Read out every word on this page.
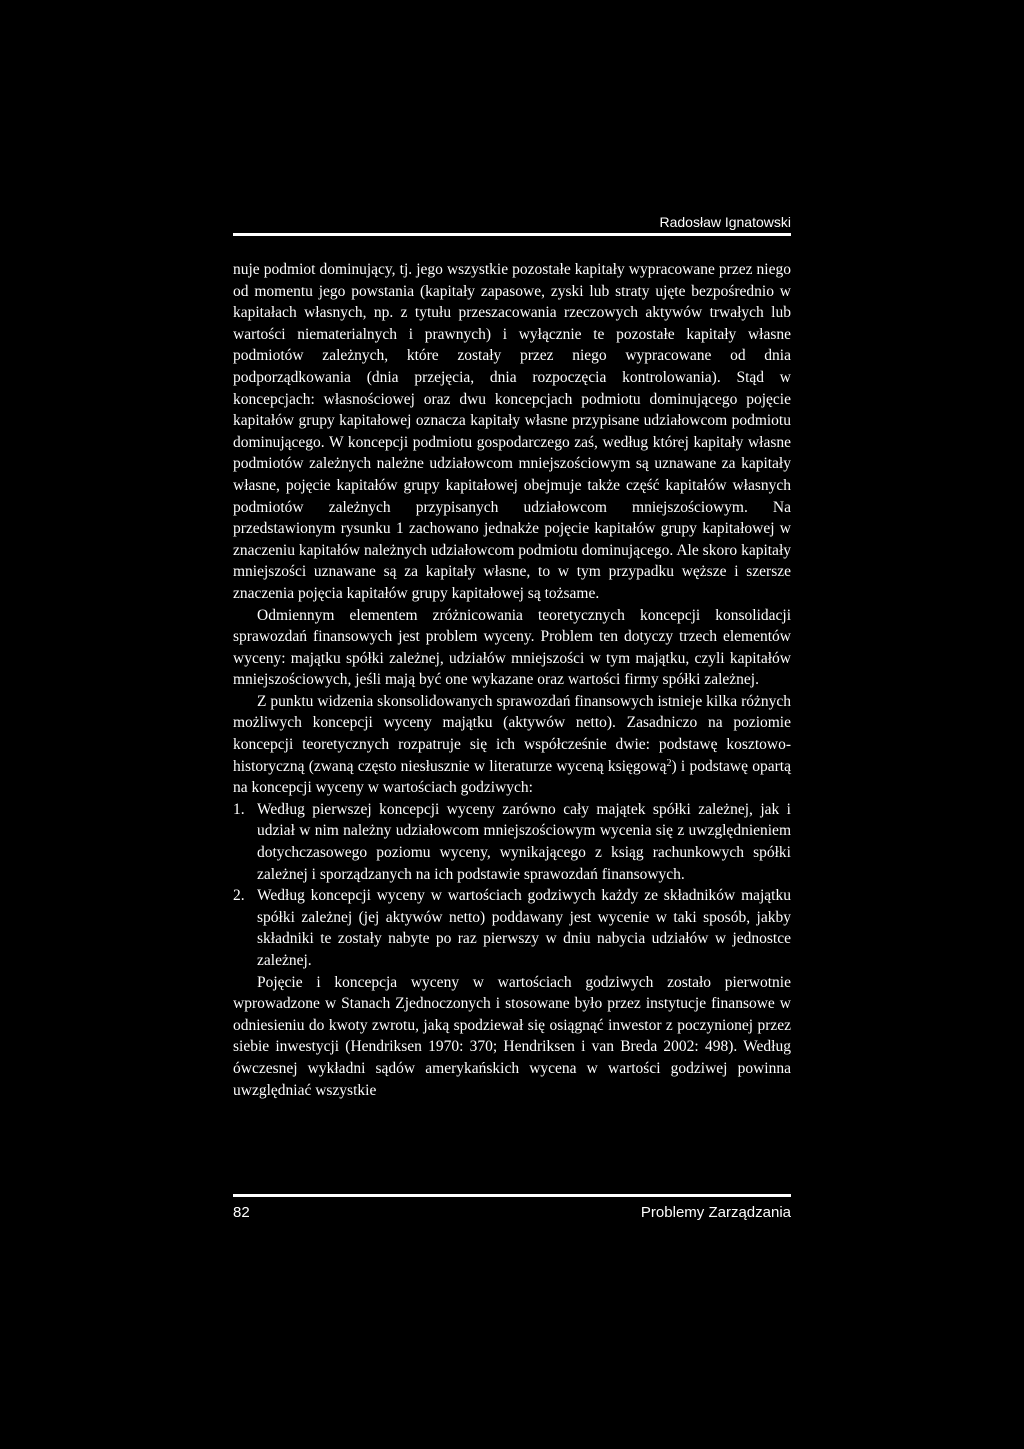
Radosław Ignatowski

nuje podmiot dominujący, tj. jego wszystkie pozostałe kapitały wypracowane przez niego od momentu jego powstania (kapitały zapasowe, zyski lub straty ujęte bezpośrednio w kapitałach własnych, np. z tytułu przeszacowania rzeczowych aktywów trwałych lub wartości niematerialnych i prawnych) i wyłącznie te pozostałe kapitały własne podmiotów zależnych, które zostały przez niego wypracowane od dnia podporządkowania (dnia przejęcia, dnia rozpoczęcia kontrolowania). Stąd w koncepcjach: własnościowej oraz dwu koncepcjach podmiotu dominującego pojęcie kapitałów grupy kapitałowej oznacza kapitały własne przypisane udziałowcom podmiotu dominującego. W koncepcji podmiotu gospodarczego zaś, według której kapitały własne podmiotów zależnych należne udziałowcom mniejszościowym są uznawane za kapitały własne, pojęcie kapitałów grupy kapitałowej obejmuje także część kapitałów własnych podmiotów zależnych przypisanych udziałowcom mniejszościowym. Na przedstawionym rysunku 1 zachowano jednakże pojęcie kapitałów grupy kapitałowej w znaczeniu kapitałów należnych udziałowcom podmiotu dominującego. Ale skoro kapitały mniejszości uznawane są za kapitały własne, to w tym przypadku węższe i szersze znaczenia pojęcia kapitałów grupy kapitałowej są tożsame.

Odmiennym elementem zróżnicowania teoretycznych koncepcji konsolidacji sprawozdań finansowych jest problem wyceny. Problem ten dotyczy trzech elementów wyceny: majątku spółki zależnej, udziałów mniejszości w tym majątku, czyli kapitałów mniejszościowych, jeśli mają być one wykazane oraz wartości firmy spółki zależnej.

Z punktu widzenia skonsolidowanych sprawozdań finansowych istnieje kilka różnych możliwych koncepcji wyceny majątku (aktywów netto). Zasadniczo na poziomie koncepcji teoretycznych rozpatruje się ich współcześnie dwie: podstawę kosztowo-historyczną (zwaną często niesłusznie w literaturze wyceną księgową$^2$) i podstawę opartą na koncepcji wyceny w wartościach godziwych:

1. Według pierwszej koncepcji wyceny zarówno cały majątek spółki zależnej, jak i udział w nim należny udziałowcom mniejszościowym wycenia się z uwzględnieniem dotychczasowego poziomu wyceny, wynikającego z ksiąg rachunkowych spółki zależnej i sporządzanych na ich podstawie sprawozdań finansowych.
2. Według koncepcji wyceny w wartościach godziwych każdy ze składników majątku spółki zależnej (jej aktywów netto) poddawany jest wycenie w taki sposób, jakby składniki te zostały nabyte po raz pierwszy w dniu nabycia udziałów w jednostce zależnej.

Pojęcie i koncepcja wyceny w wartościach godziwych zostało pierwotnie wprowadzone w Stanach Zjednoczonych i stosowane było przez instytucje finansowe w odniesieniu do kwoty zwrotu, jaką spodziewał się osiągnąć inwestor z poczynionej przez siebie inwestycji (Hendriksen 1970: 370; Hendriksen i van Breda 2002: 498). Według ówczesnej wykładni sądów amerykańskich wycena w wartości godziwej powinna uwzględniać wszystkie

82	Problemy Zarządzania
